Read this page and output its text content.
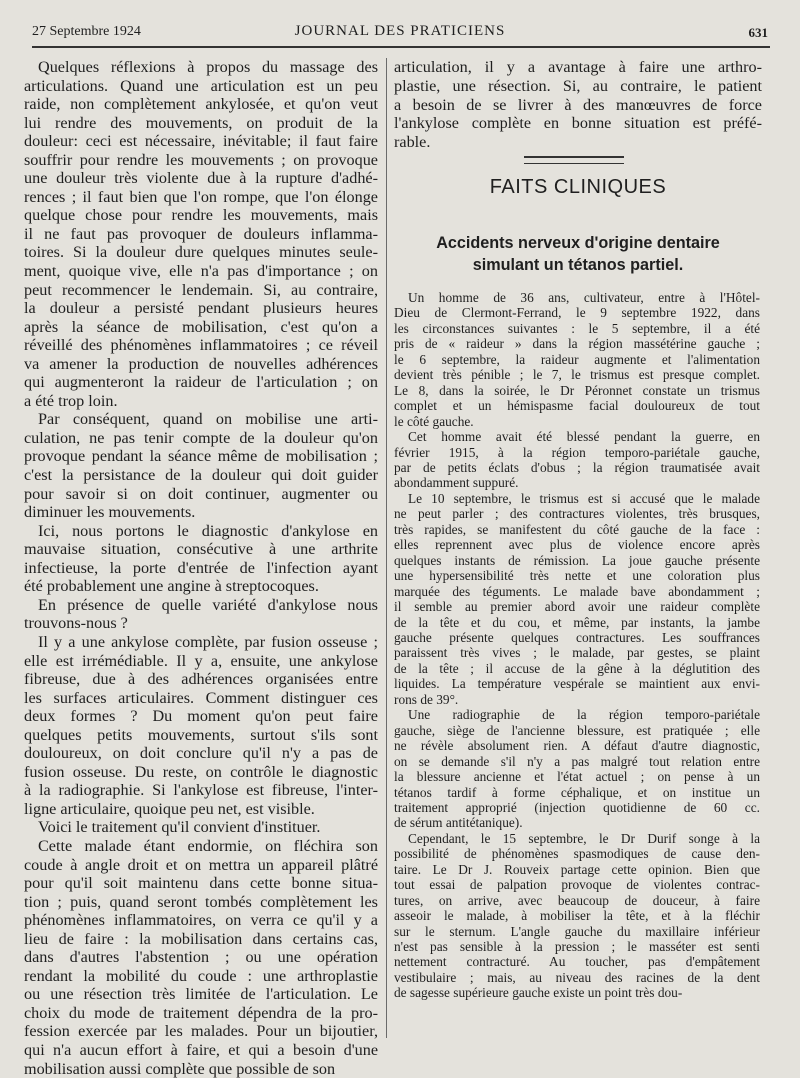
27 Septembre 1924	JOURNAL DES PRATICIENS	631
Quelques réflexions à propos du massage des
articulations. Quand une articulation est un peu
raide, non complètement ankylosée, et qu'on veut
lui rendre des mouvements, on produit de la
douleur: ceci est nécessaire, inévitable; il faut faire
souffrir pour rendre les mouvements ; on provoque
une douleur très violente due à la rupture d'adhé-
rences ; il faut bien que l'on rompe, que l'on élonge
quelque chose pour rendre les mouvements, mais
il ne faut pas provoquer de douleurs inflamma-
toires. Si la douleur dure quelques minutes seule-
ment, quoique vive, elle n'a pas d'importance ; on
peut recommencer le lendemain. Si, au contraire,
la douleur a persisté pendant plusieurs heures
après la séance de mobilisation, c'est qu'on a
réveillé des phénomènes inflammatoires ; ce réveil
va amener la production de nouvelles adhérences
qui augmenteront la raideur de l'articulation ; on
a été trop loin.
Par conséquent, quand on mobilise une arti-
culation, ne pas tenir compte de la douleur qu'on
provoque pendant la séance même de mobilisation ;
c'est la persistance de la douleur qui doit guider
pour savoir si on doit continuer, augmenter ou
diminuer les mouvements.
Ici, nous portons le diagnostic d'ankylose en
mauvaise situation, consécutive à une arthrite
infectieuse, la porte d'entrée de l'infection ayant
été probablement une angine à streptocoques.
En présence de quelle variété d'ankylose nous
trouvons-nous ?
Il y a une ankylose complète, par fusion osseuse ;
elle est irrémédiable. Il y a, ensuite, une ankylose
fibreuse, due à des adhérences organisées entre
les surfaces articulaires. Comment distinguer ces
deux formes ? Du moment qu'on peut faire
quelques petits mouvements, surtout s'ils sont
douloureux, on doit conclure qu'il n'y a pas de
fusion osseuse. Du reste, on contrôle le diagnostic
à la radiographie. Si l'ankylose est fibreuse, l'inter-
ligne articulaire, quoique peu net, est visible.
Voici le traitement qu'il convient d'instituer.
Cette malade étant endormie, on fléchira son
coude à angle droit et on mettra un appareil plâtré
pour qu'il soit maintenu dans cette bonne situa-
tion ; puis, quand seront tombés complètement les
phénomènes inflammatoires, on verra ce qu'il y a
lieu de faire : la mobilisation dans certains cas,
dans d'autres l'abstention ; ou une opération
rendant la mobilité du coude : une arthroplastie
ou une résection très limitée de l'articulation. Le
choix du mode de traitement dépendra de la pro-
fession exercée par les malades. Pour un bijoutier,
qui n'a aucun effort à faire, et qui a besoin d'une
mobilisation aussi complète que possible de son
articulation, il y a avantage à faire une arthro-
plastie, une résection. Si, au contraire, le patient
a besoin de se livrer à des manœuvres de force
l'ankylose complète en bonne situation est préfé-
rable.
FAITS CLINIQUES
Accidents nerveux d'origine dentaire
simulant un tétanos partiel.
Un homme de 36 ans, cultivateur, entre à l'Hôtel-
Dieu de Clermont-Ferrand, le 9 septembre 1922, dans
les circonstances suivantes : le 5 septembre, il a été
pris de « raideur » dans la région massétérine gauche ;
le 6 septembre, la raideur augmente et l'alimentation
devient très pénible ; le 7, le trismus est presque complet.
Le 8, dans la soirée, le Dr Péronnet constate un trismus
complet et un hémispasme facial douloureux de tout
le côté gauche.
Cet homme avait été blessé pendant la guerre, en
février 1915, à la région temporo-pariétale gauche,
par de petits éclats d'obus ; la région traumatisée avait
abondamment suppuré.
Le 10 septembre, le trismus est si accusé que le malade
ne peut parler ; des contractures violentes, très brusques,
très rapides, se manifestent du côté gauche de la face :
elles reprennent avec plus de violence encore après
quelques instants de rémission. La joue gauche présente
une hypersensibilité très nette et une coloration plus
marquée des téguments. Le malade bave abondamment ;
il semble au premier abord avoir une raideur complète
de la tête et du cou, et même, par instants, la jambe
gauche présente quelques contractures. Les souffrances
paraissent très vives ; le malade, par gestes, se plaint
de la tête ; il accuse de la gêne à la déglutition des
liquides. La température vespérale se maintient aux envi-
rons de 39°.
Une radiographie de la région temporo-pariétale
gauche, siège de l'ancienne blessure, est pratiquée ; elle
ne révèle absolument rien. A défaut d'autre diagnostic,
on se demande s'il n'y a pas malgré tout relation entre
la blessure ancienne et l'état actuel ; on pense à un
tétanos tardif à forme céphalique, et on institue un
traitement approprié (injection quotidienne de 60 cc.
de sérum antitétanique).
Cependant, le 15 septembre, le Dr Durif songe à la
possibilité de phénomènes spasmodiques de cause den-
taire. Le Dr J. Rouveix partage cette opinion. Bien que
tout essai de palpation provoque de violentes contrac-
tures, on arrive, avec beaucoup de douceur, à faire
asseoir le malade, à mobiliser la tête, et à la fléchir
sur le sternum. L'angle gauche du maxillaire inférieur
n'est pas sensible à la pression ; le masséter est senti
nettement contracturé. Au toucher, pas d'empâtement
vestibulaire ; mais, au niveau des racines de la dent
de sagesse supérieure gauche existe un point très dou-
